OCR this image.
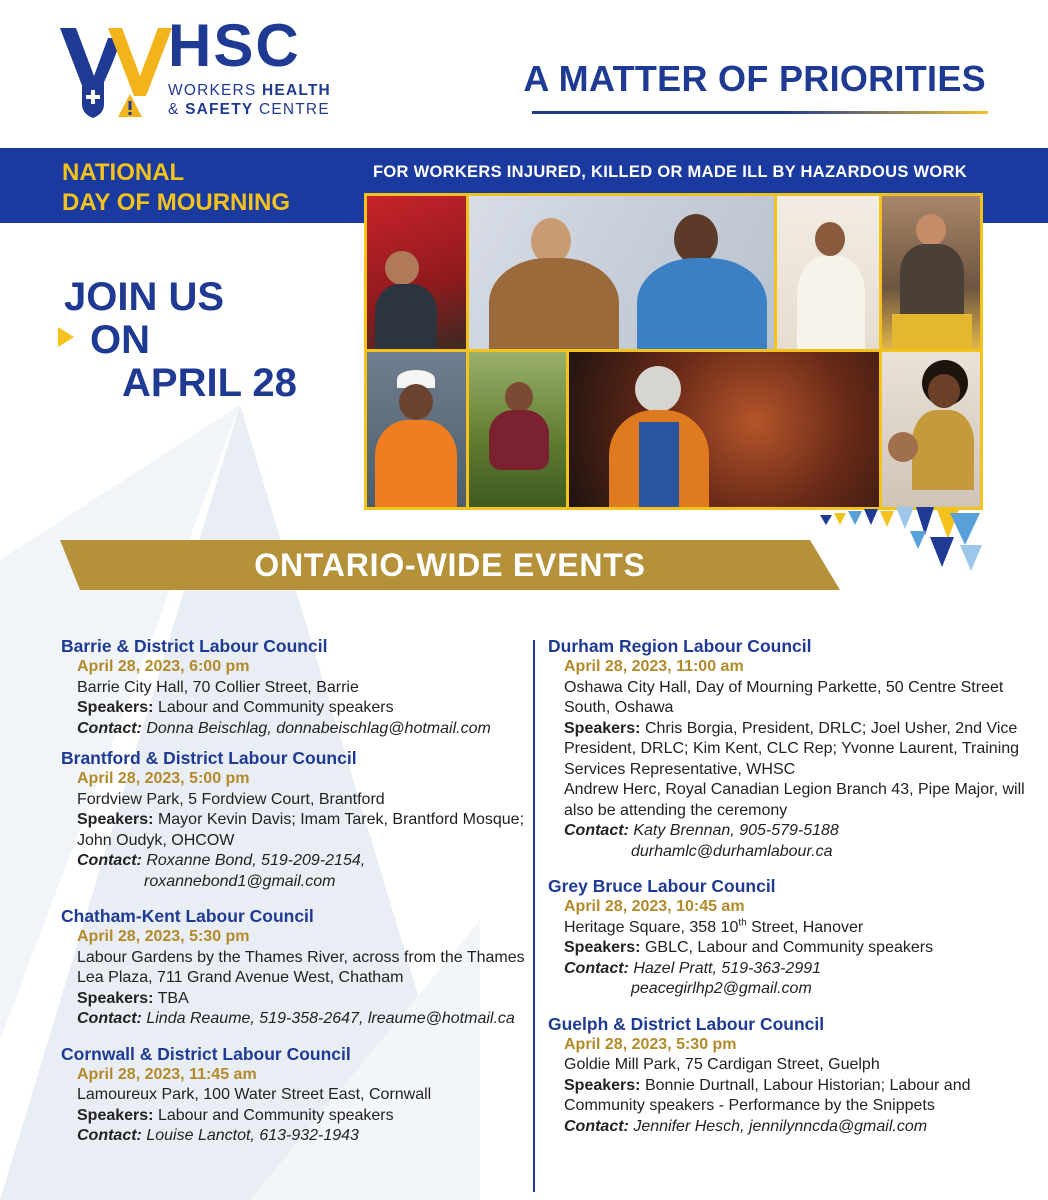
HSC
WORKERS HEALTH
& SAFETY CENTRE
A MATTER OF PRIORITIES
NATIONAL
DAY OF MOURNING
FOR WORKERS INJURED, KILLED OR MADE ILL BY HAZARDOUS WORK
JOIN US
ON
APRIL 28
ONTARIO-WIDE EVENTS
Barrie & District Labour Council
April 28, 2023, 6:00 pm
Barrie City Hall, 70 Collier Street, Barrie
Speakers: Labour and Community speakers
Contact: Donna Beischlag, donnabeischlag@hotmail.com
Brantford & District Labour Council
April 28, 2023, 5:00 pm
Fordview Park, 5 Fordview Court, Brantford
Speakers: Mayor Kevin Davis; Imam Tarek, Brantford Mosque; John Oudyk, OHCOW
Contact: Roxanne Bond, 519-209-2154,
roxannebond1@gmail.com
Chatham-Kent Labour Council
April 28, 2023, 5:30 pm
Labour Gardens by the Thames River, across from the Thames Lea Plaza, 711 Grand Avenue West, Chatham
Speakers: TBA
Contact: Linda Reaume, 519-358-2647, lreaume@hotmail.ca
Cornwall & District Labour Council
April 28, 2023, 11:45 am
Lamoureux Park, 100 Water Street East, Cornwall
Speakers: Labour and Community speakers
Contact: Louise Lanctot, 613-932-1943
Durham Region Labour Council
April 28, 2023, 11:00 am
Oshawa City Hall, Day of Mourning Parkette, 50 Centre Street South, Oshawa
Speakers: Chris Borgia, President, DRLC; Joel Usher, 2nd Vice President, DRLC; Kim Kent, CLC Rep; Yvonne Laurent, Training Services Representative, WHSC
Andrew Herc, Royal Canadian Legion Branch 43, Pipe Major, will also be attending the ceremony
Contact: Katy Brennan, 905-579-5188
durhamlc@durhamlabour.ca
Grey Bruce Labour Council
April 28, 2023, 10:45 am
Heritage Square, 358 10th Street, Hanover
Speakers: GBLC, Labour and Community speakers
Contact: Hazel Pratt, 519-363-2991
peacegirlhp2@gmail.com
Guelph & District Labour Council
April 28, 2023, 5:30 pm
Goldie Mill Park, 75 Cardigan Street, Guelph
Speakers: Bonnie Durtnall, Labour Historian; Labour and Community speakers - Performance by the Snippets
Contact: Jennifer Hesch, jennilynncda@gmail.com
